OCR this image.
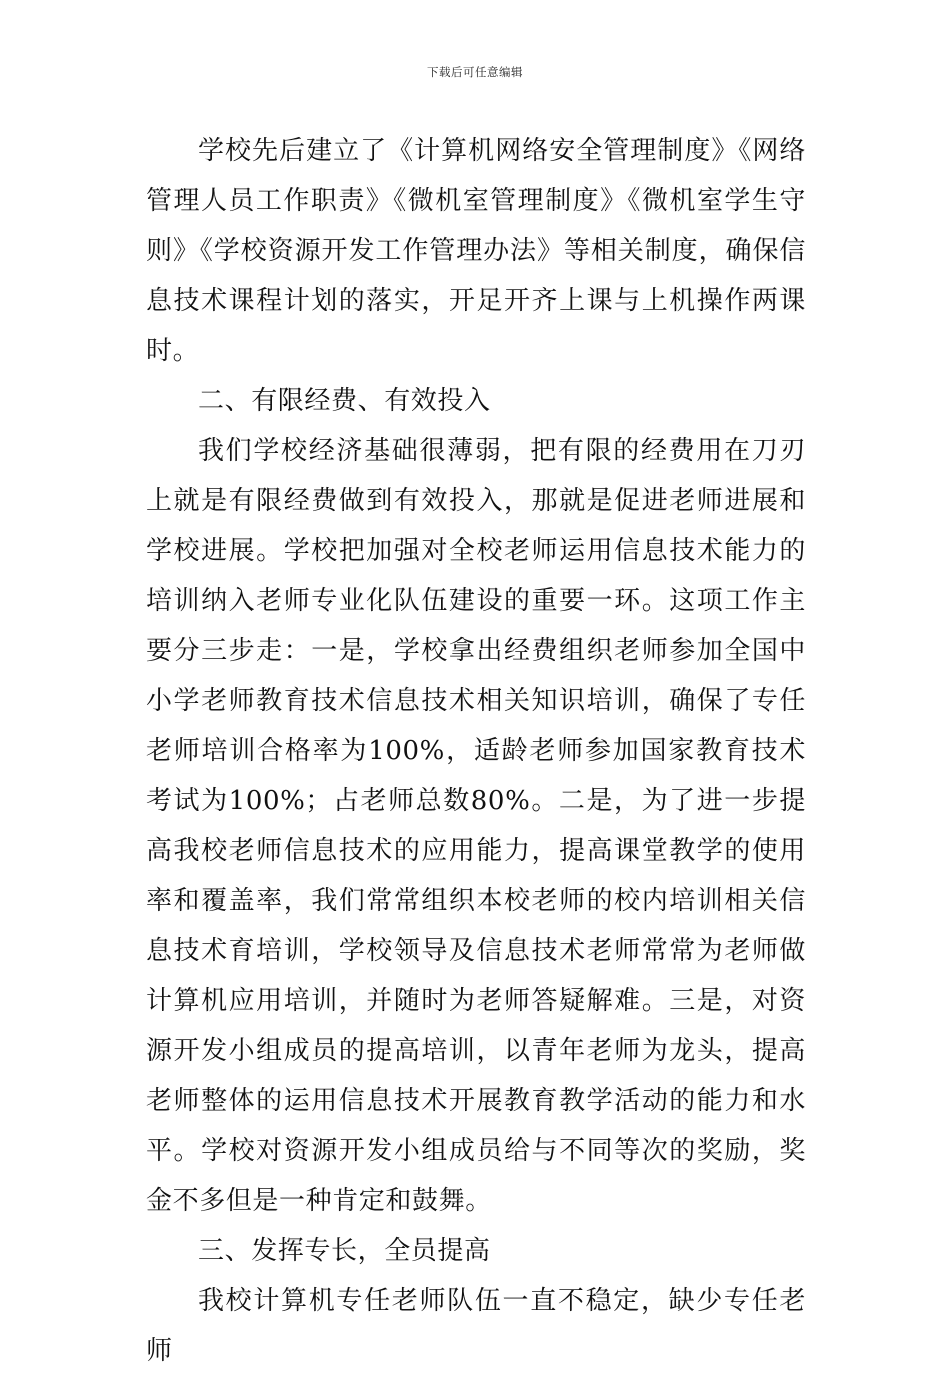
下载后可任意编辑

学校先后建立了《计算机网络安全管理制度》《网络管理人员工作职责》《微机室管理制度》《微机室学生守则》《学校资源开发工作管理办法》等相关制度，确保信息技术课程计划的落实，开足开齐上课与上机操作两课时。

二、有限经费、有效投入

我们学校经济基础很薄弱，把有限的经费用在刀刃上就是有限经费做到有效投入，那就是促进老师进展和学校进展。学校把加强对全校老师运用信息技术能力的培训纳入老师专业化队伍建设的重要一环。这项工作主要分三步走：一是，学校拿出经费组织老师参加全国中小学老师教育技术信息技术相关知识培训，确保了专任老师培训合格率为100%，适龄老师参加国家教育技术考试为100%；占老师总数80%。二是，为了进一步提高我校老师信息技术的应用能力，提高课堂教学的使用率和覆盖率，我们常常组织本校老师的校内培训相关信息技术育培训，学校领导及信息技术老师常常为老师做计算机应用培训，并随时为老师答疑解难。三是，对资源开发小组成员的提高培训，以青年老师为龙头，提高老师整体的运用信息技术开展教育教学活动的能力和水平。学校对资源开发小组成员给与不同等次的奖励，奖金不多但是一种肯定和鼓舞。

三、发挥专长，全员提高

我校计算机专任老师队伍一直不稳定，缺少专任老师
